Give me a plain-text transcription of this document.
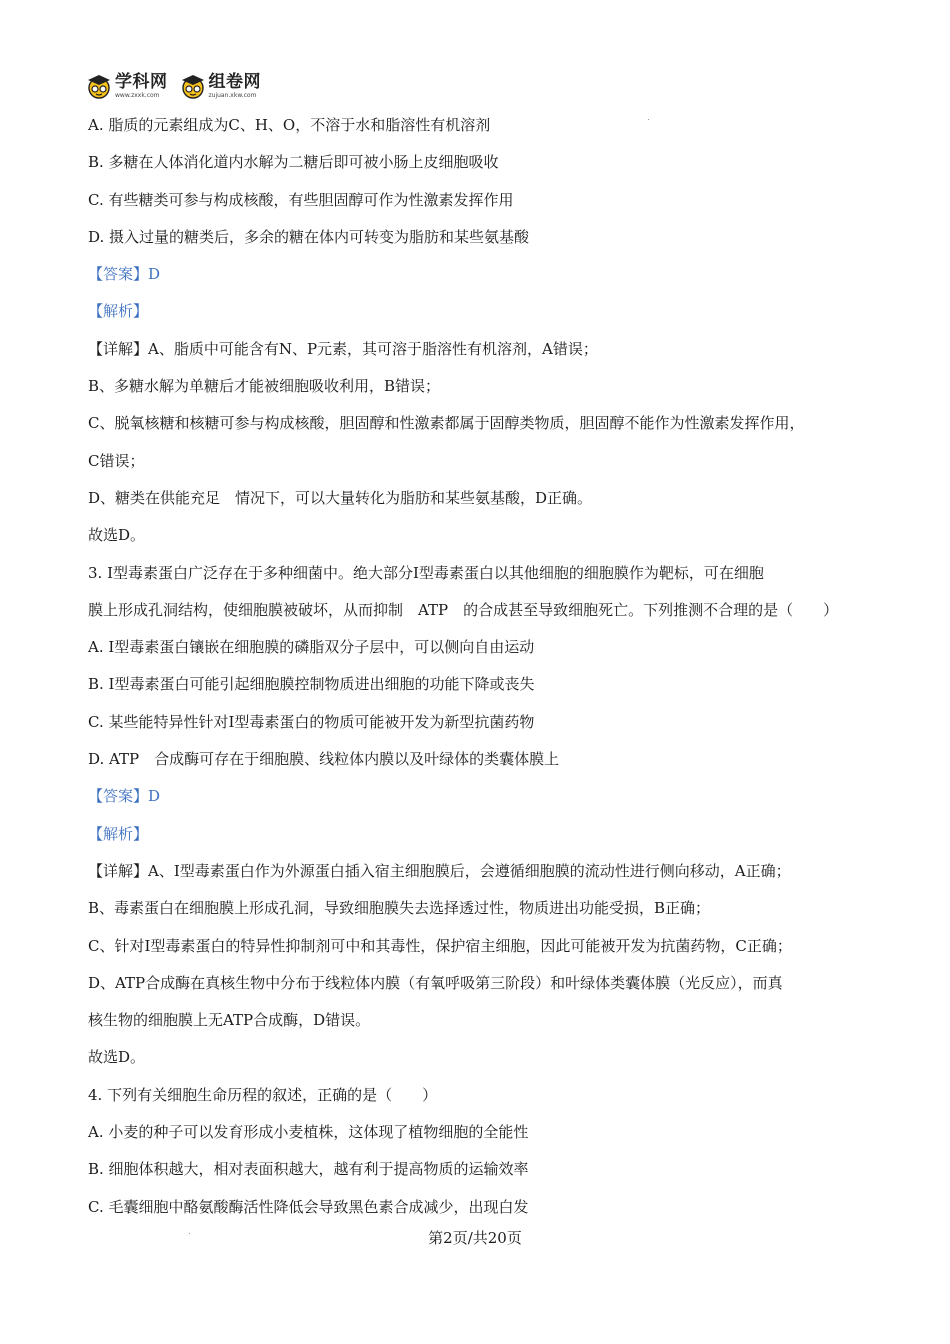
学科网
www.zxxk.com
组卷网
zujuan.xkw.com
A. 脂质的元素组成为C、H、O，不溶于水和脂溶性有机溶剂
B. 多糖在人体消化道内水解为二糖后即可被小肠上皮细胞吸收
C. 有些糖类可参与构成核酸，有些胆固醇可作为性激素发挥作用
D. 摄入过量的糖类后，多余的糖在体内可转变为脂肪和某些氨基酸
【答案】D
【解析】
【详解】A、脂质中可能含有N、P元素，其可溶于脂溶性有机溶剂，A错误；
B、多糖水解为单糖后才能被细胞吸收利用，B错误；
C、脱氧核糖和核糖可参与构成核酸，胆固醇和性激素都属于固醇类物质，胆固醇不能作为性激素发挥作用，
C错误；
D、糖类在供能充足　情况下，可以大量转化为脂肪和某些氨基酸，D正确。
故选D。
3. Ⅰ型毒素蛋白广泛存在于多种细菌中。绝大部分Ⅰ型毒素蛋白以其他细胞的细胞膜作为靶标，可在细胞
膜上形成孔洞结构，使细胞膜被破坏，从而抑制　ATP　的合成甚至导致细胞死亡。下列推测不合理的是（　　）
A. Ⅰ型毒素蛋白镶嵌在细胞膜的磷脂双分子层中，可以侧向自由运动
B. Ⅰ型毒素蛋白可能引起细胞膜控制物质进出细胞的功能下降或丧失
C. 某些能特异性针对Ⅰ型毒素蛋白的物质可能被开发为新型抗菌药物
D. ATP　合成酶可存在于细胞膜、线粒体内膜以及叶绿体的类囊体膜上
【答案】D
【解析】
【详解】A、Ⅰ型毒素蛋白作为外源蛋白插入宿主细胞膜后，会遵循细胞膜的流动性进行侧向移动，A正确；
B、毒素蛋白在细胞膜上形成孔洞，导致细胞膜失去选择透过性，物质进出功能受损，B正确；
C、针对Ⅰ型毒素蛋白的特异性抑制剂可中和其毒性，保护宿主细胞，因此可能被开发为抗菌药物，C正确；
D、ATP合成酶在真核生物中分布于线粒体内膜（有氧呼吸第三阶段）和叶绿体类囊体膜（光反应），而真
核生物的细胞膜上无ATP合成酶，D错误。
故选D。
4. 下列有关细胞生命历程的叙述，正确的是（　　）
A. 小麦的种子可以发育形成小麦植株，这体现了植物细胞的全能性
B. 细胞体积越大，相对表面积越大，越有利于提高物质的运输效率
C. 毛囊细胞中酪氨酸酶活性降低会导致黑色素合成减少，出现白发
第2页/共20页
